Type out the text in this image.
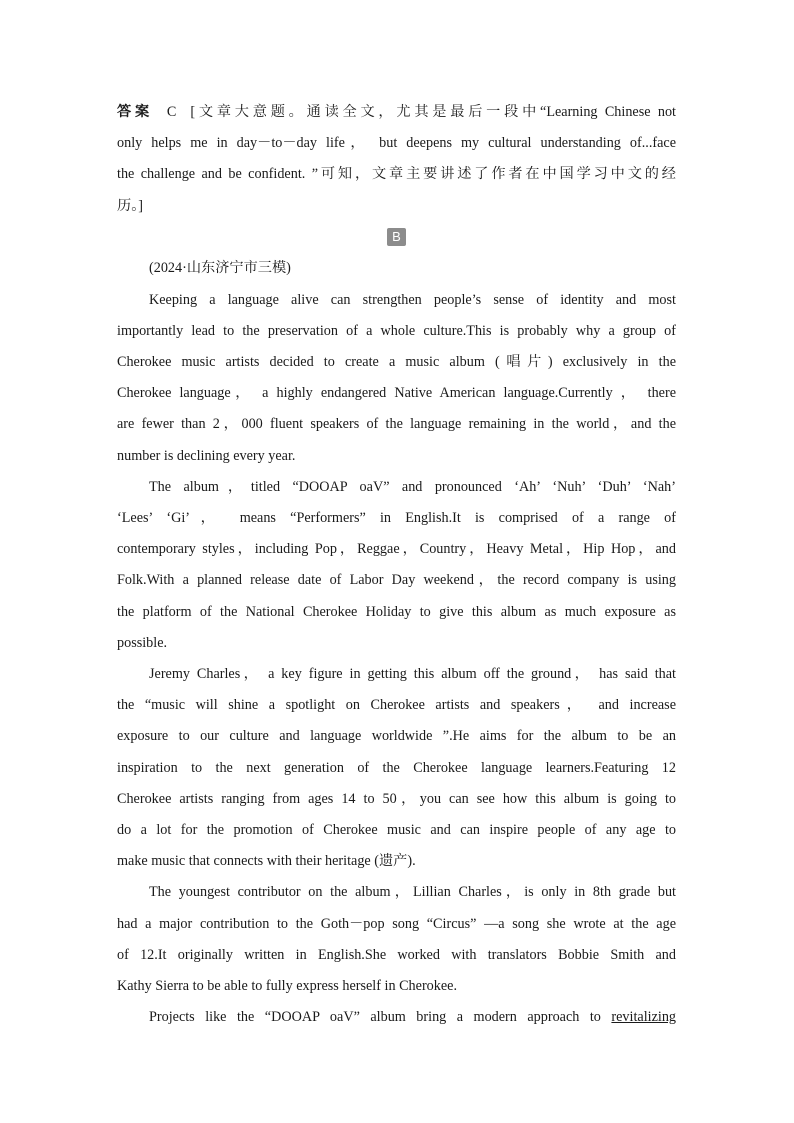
答案 C [文章大意题。通读全文，尤其是最后一段中“Learning Chinese not
only helps me in day－to－day life， but deepens my cultural understanding of...face
the challenge and be confident. ”可知，文章主要讲述了作者在中国学习中文的经
历。]
B
(2024·山东济宁市三模)
Keeping a language alive can strengthen people’s sense of identity and most
importantly lead to the preservation of a whole culture.This is probably why a group of
Cherokee music artists decided to create a music album (唱片) exclusively in the
Cherokee language， a highly endangered Native American language.Currently ， there
are fewer than 2，000 fluent speakers of the language remaining in the world，and the
number is declining every year.
The album，titled “DOOAP oaV” and pronounced ‘Ah’ ‘Nuh’ ‘Duh’ ‘Nah’
‘Lees’ ‘Gi’， means “Performers” in English.It is comprised of a range of
contemporary styles，including Pop，Reggae，Country，Heavy Metal，Hip Hop，and
Folk.With a planned release date of Labor Day weekend，the record company is using
the platform of the National Cherokee Holiday to give this album as much exposure as
possible.
Jeremy Charles， a key figure in getting this album off the ground， has said that
the “music will shine a spotlight on Cherokee artists and speakers， and increase
exposure to our culture and language worldwide ”.He aims for the album to be an
inspiration to the next generation of the Cherokee language learners.Featuring 12
Cherokee artists ranging from ages 14 to 50，you can see how this album is going to
do a lot for the promotion of Cherokee music and can inspire people of any age to
make music that connects with their heritage (遗产).
The youngest contributor on the album，Lillian Charles，is only in 8th grade but
had a major contribution to the Goth－pop song “Circus” —a song she wrote at the age
of 12.It originally written in English.She worked with translators Bobbie Smith and
Kathy Sierra to be able to fully express herself in Cherokee.
Projects like the “DOOAP oaV” album bring a modern approach to revitalizing
